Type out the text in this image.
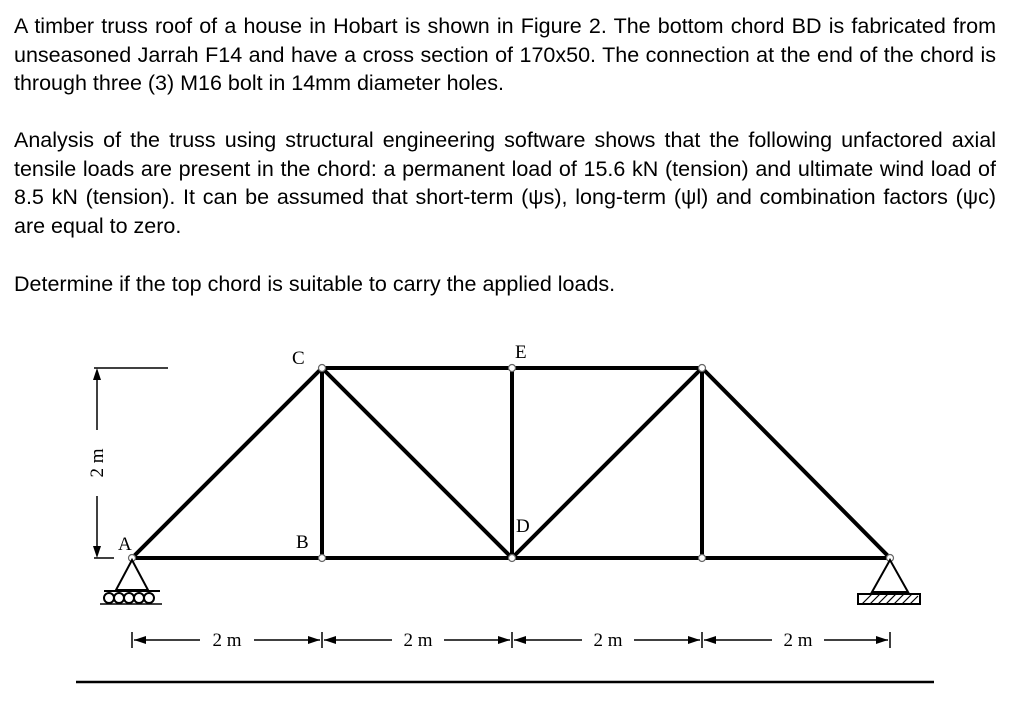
A timber truss roof of a house in Hobart is shown in Figure 2. The bottom chord BD is fabricated from unseasoned Jarrah F14 and have a cross section of 170x50. The connection at the end of the chord is through three (3) M16 bolt in 14mm diameter holes.
Analysis of the truss using structural engineering software shows that the following unfactored axial tensile loads are present in the chord: a permanent load of 15.6 kN (tension) and ultimate wind load of 8.5 kN (tension). It can be assumed that short-term (ψs), long-term (ψl) and combination factors (ψc) are equal to zero.
Determine if the top chord is suitable to carry the applied loads.
A	B
C
D
E
2 m
2 m	2 m	2 m	2 m
